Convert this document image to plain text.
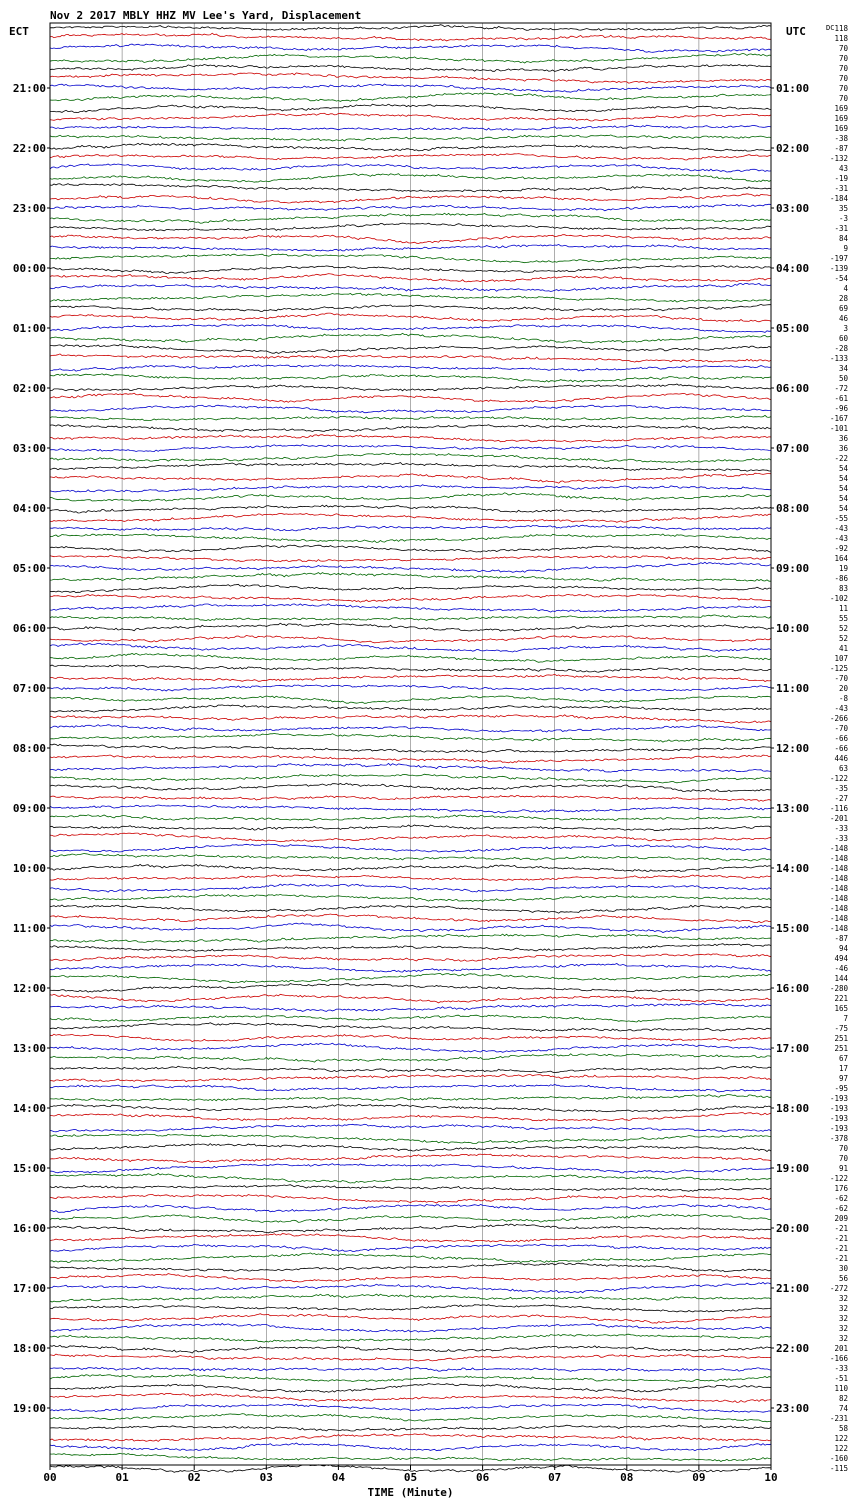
Nov 2 2017 MBLY HHZ MV Lee's Yard, Displacement
ECT	UTC	DC
00	01	02	03	04	05	06	07	08	09	10
TIME (Minute)
118
118
70
70
70
70
70
70
169
169
169
-38
-87
-132
43
-19
-31
-184
35
-3
-31
84
9
-197
-139
-54
4
28
69
46
3
60
-28
-133
34
50
-72
-61
-96
-167
-101
36
36
-22
54
54
54
54
54
-55
-43
-43
-92
164
19
-86
83
-102
11
55
52
52
41
107
-125
-70
20
-8
-43
-266
-70
-66
-66
446
63
-122
-35
-27
-116
-201
-33
-33
-148
-148
-148
-148
-148
-148
-148
-148
-148
-87
94
494
-46
144
-280
221
165
7
-75
251
251
67
17
97
-95
-193
-193
-193
-193
-378
70
70
91
-122
176
-62
-62
209
-21
-21
-21
-21
30
56
-272
32
32
32
32
32
201
-166
-33
-51
110
82
74
-231
58
122
122
-160
-115
21:00
22:00
23:00
00:00
01:00
02:00
03:00
04:00
05:00
06:00
07:00
08:00
09:00
10:00
11:00
12:00
13:00
14:00
15:00
16:00
17:00
18:00
19:00
01:00
02:00
03:00
04:00
05:00
06:00
07:00
08:00
09:00
10:00
11:00
12:00
13:00
14:00
15:00
16:00
17:00
18:00
19:00
20:00
21:00
22:00
23:00
